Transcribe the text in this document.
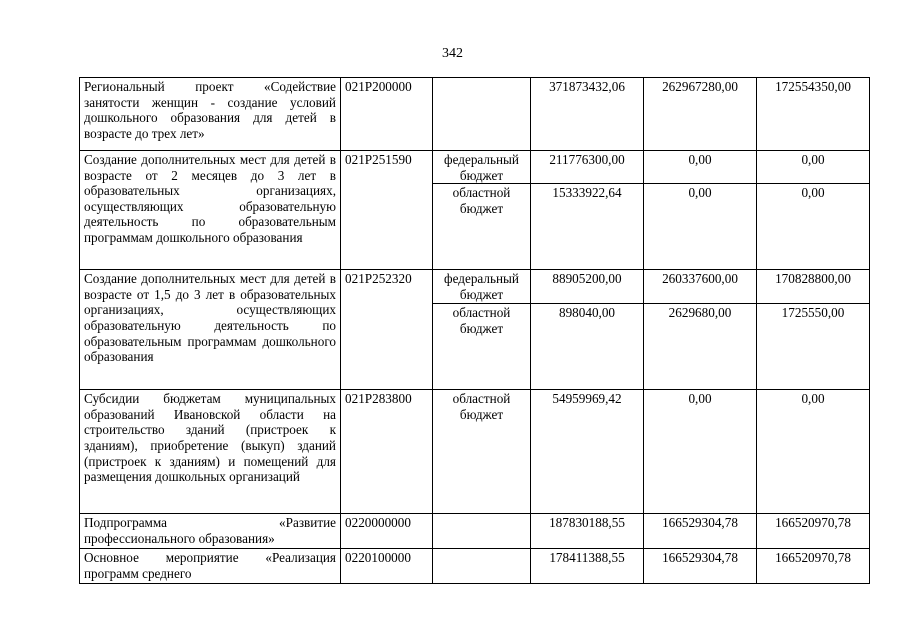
342
Региональный проект «Содействие занятости женщин - создание условий дошкольного образования для детей в возрасте до трех лет»	021P200000		371873432,06	262967280,00	172554350,00
Создание дополнительных мест для детей в возрасте от 2 месяцев до 3 лет в образовательных организациях, осуществляющих образовательную деятельность по образовательным программам дошкольного образования	021P251590	федеральный бюджет	211776300,00	0,00	0,00
		областной бюджет	15333922,64	0,00	0,00
Создание дополнительных мест для детей в возрасте от 1,5 до 3 лет в образовательных организациях, осуществляющих образовательную деятельность по образовательным программам дошкольного образования	021P252320	федеральный бюджет	88905200,00	260337600,00	170828800,00
		областной бюджет	898040,00	2629680,00	1725550,00
Субсидии бюджетам муниципальных образований Ивановской области на строительство зданий (пристроек к зданиям), приобретение (выкуп) зданий (пристроек к зданиям) и помещений для размещения дошкольных организаций	021P283800	областной бюджет	54959969,42	0,00	0,00
Подпрограмма «Развитие профессионального образования»	0220000000		187830188,55	166529304,78	166520970,78
Основное мероприятие «Реализация программ среднего	0220100000		178411388,55	166529304,78	166520970,78
